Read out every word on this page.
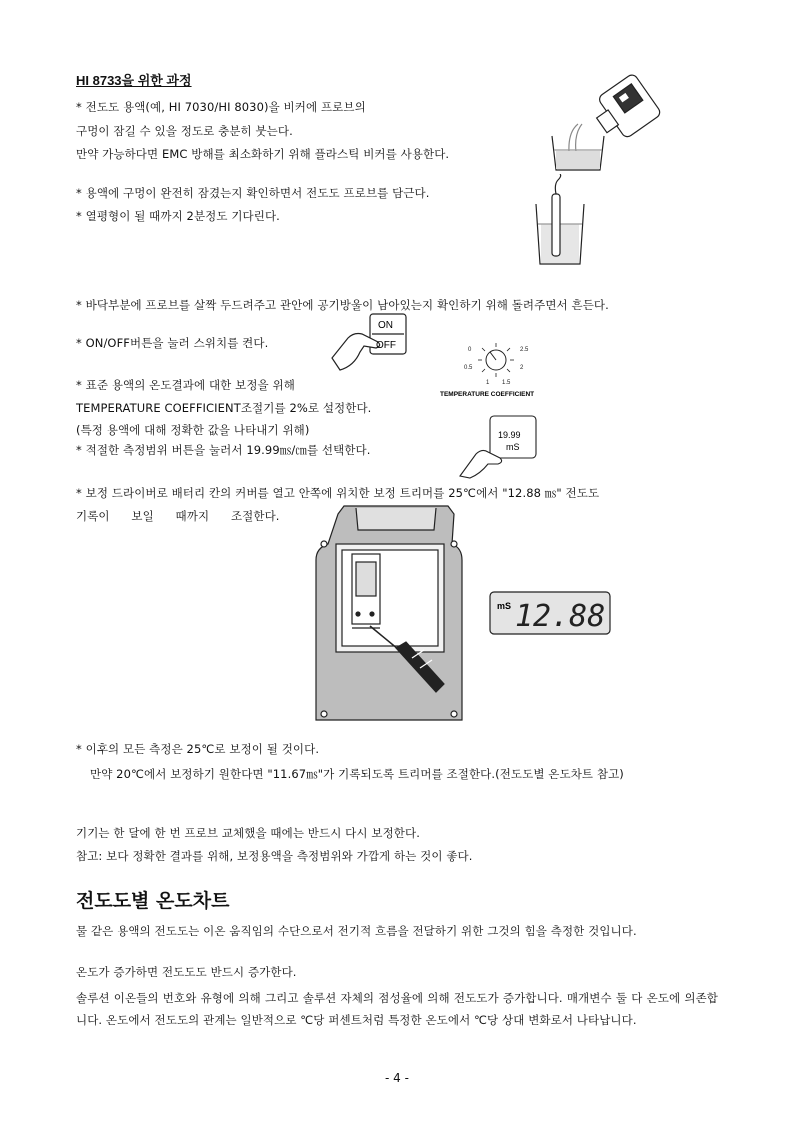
HI 8733을 위한 과정
* 전도도 용액(예, HI 7030/HI 8030)을 비커에 프로브의
구멍이 잠길 수 있을 정도로 충분히 붓는다.
만약 가능하다면 EMC 방해를 최소화하기 위해 플라스틱 비커를 사용한다.
* 용액에 구멍이 완전히 잠겼는지 확인하면서 전도도 프로브를 담근다.
* 열평형이 될 때까지 2분정도 기다린다.
* 바닥부분에 프로브를 살짝 두드려주고 관안에 공기방울이 남아있는지 확인하기 위해 돌려주면서 흔든다.
* ON/OFF버튼을 눌러 스위치를 켠다.
* 표준 용액의 온도결과에 대한 보정을 위해
TEMPERATURE COEFFICIENT조절기를 2%로 설정한다.
(특정 용액에 대해 정확한 값을 나타내기 위해)
* 적절한 측정범위 버튼을 눌러서 19.99㎳/㎝를 선택한다.
* 보정 드라이버로 배터리 칸의 커버를 열고 안쪽에 위치한 보정 트리머를 25℃에서 "12.88 ㎳" 전도도
기록이 보일 때까지 조절한다.
* 이후의 모든 측정은 25℃로 보정이 될 것이다.
만약 20℃에서 보정하기 원한다면 "11.67㎳"가 기록되도록 트리머를 조절한다.(전도도별 온도차트 참고)
기기는 한 달에 한 번 프로브 교체했을 때에는 반드시 다시 보정한다.
참고: 보다 정확한 결과를 위해, 보정용액을 측정범위와 가깝게 하는 것이 좋다.
전도도별 온도차트
물 같은 용액의 전도도는 이온 움직임의 수단으로서 전기적 흐름을 전달하기 위한 그것의 힘을 측정한 것입니다.
온도가 증가하면 전도도도 반드시 증가한다.
솔루션 이온들의 번호와 유형에 의해 그리고 솔루션 자체의 점성율에 의해 전도도가 증가합니다. 매개변수 둘 다 온도에 의존합니다. 온도에서 전도도의 관계는 일반적으로 ℃당 퍼센트처럼 특정한 온도에서 ℃당 상대 변화로서 나타납니다.
- 4 -
ON
OFF	0	2.5
0.5	2
1 1.5
TEMPERATURE COEFFICIENT
19.99
mS
mS 12.88
